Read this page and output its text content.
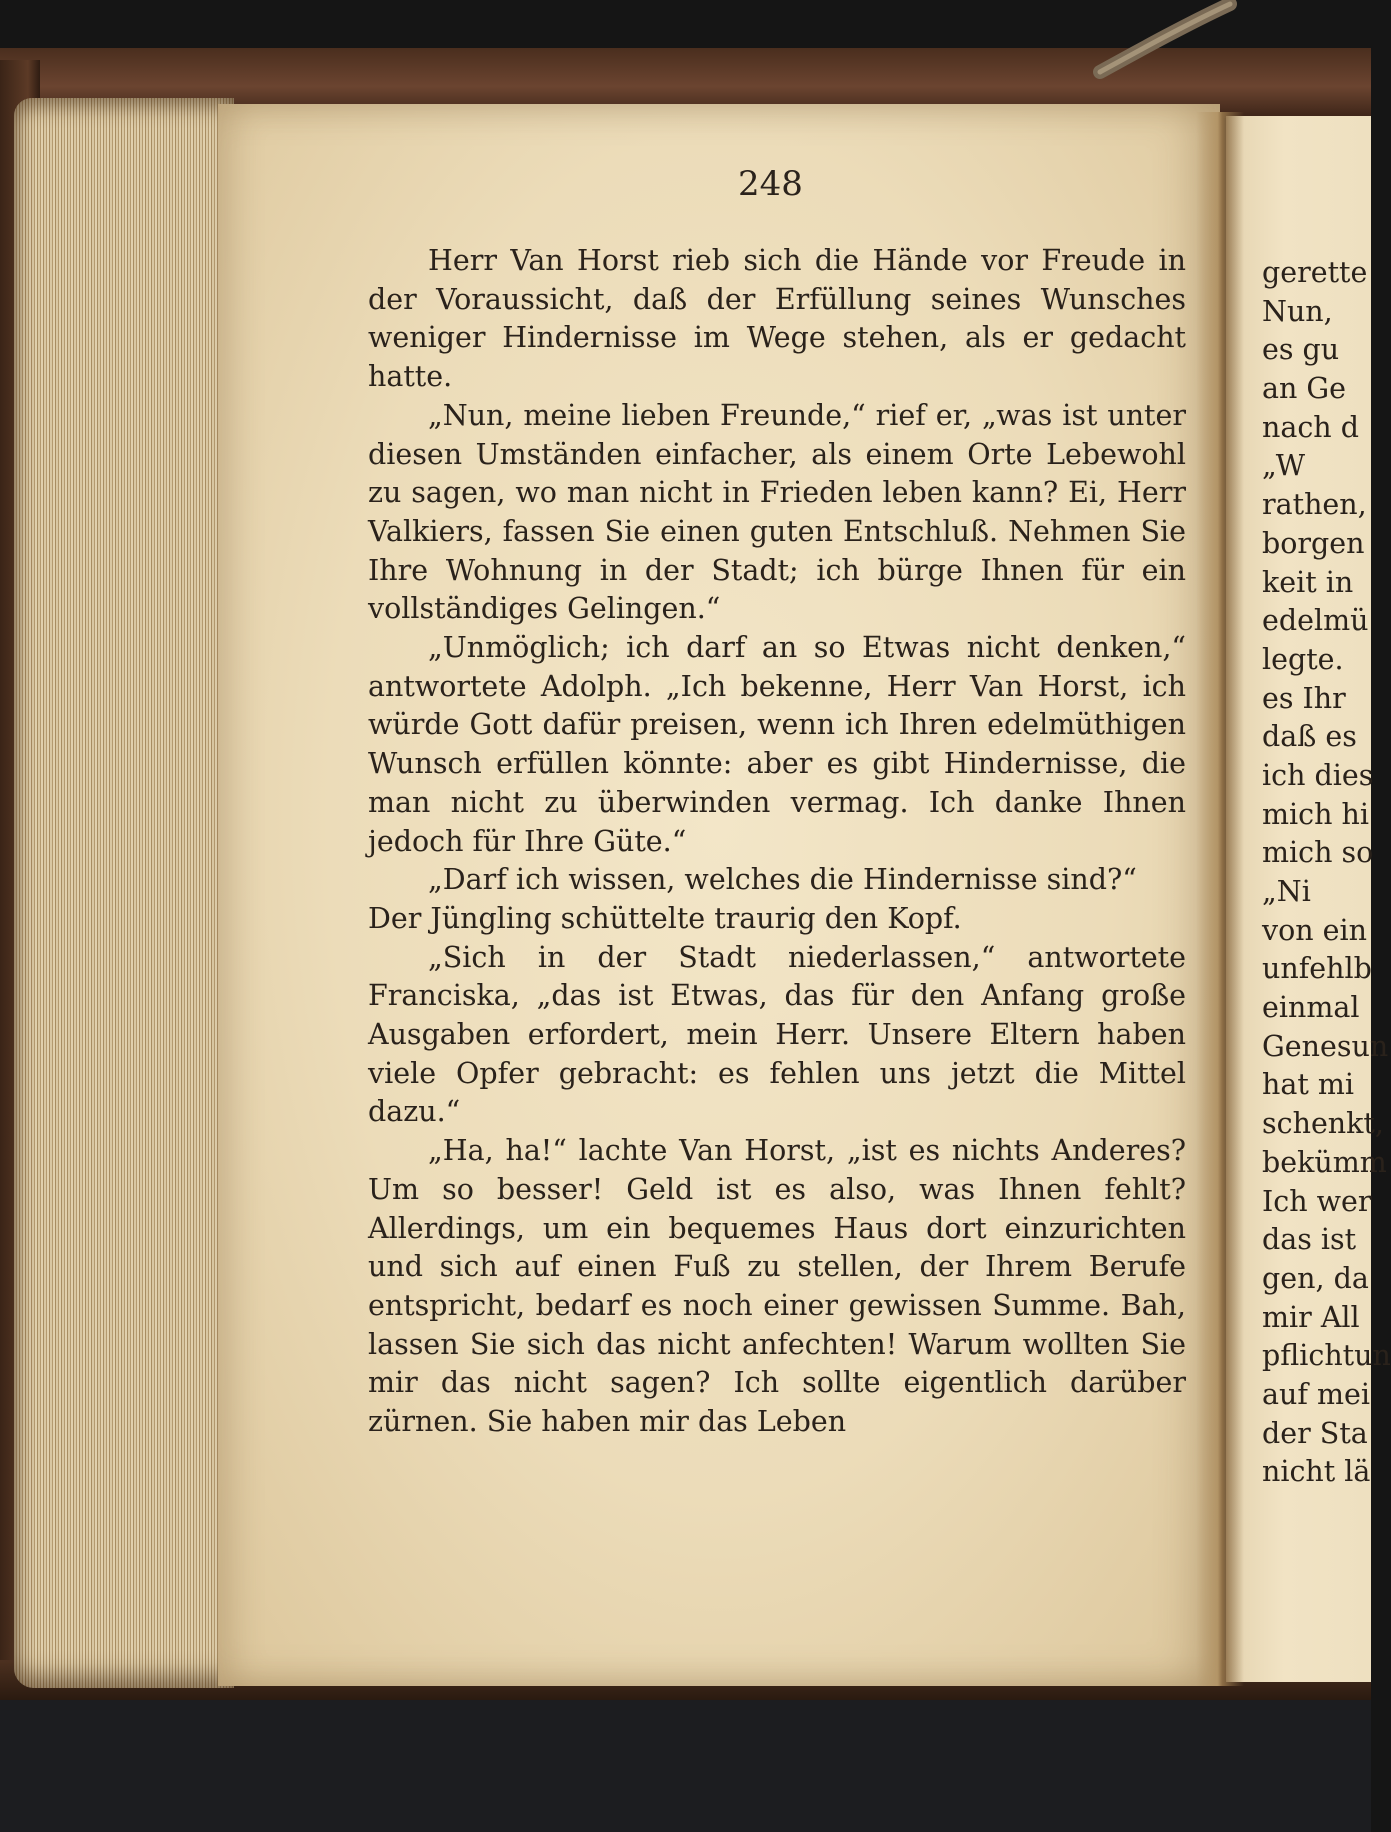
248

Herr Van Horst rieb sich die Hände vor Freude in der Voraussicht, daß der Erfüllung seines Wunsches weniger Hindernisse im Wege stehen, als er gedacht hatte.

„Nun, meine lieben Freunde,“ rief er, „was ist unter diesen Umständen einfacher, als einem Orte Lebewohl zu sagen, wo man nicht in Frieden leben kann? Ei, Herr Valkiers, fassen Sie einen guten Entschluß. Nehmen Sie Ihre Wohnung in der Stadt; ich bürge Ihnen für ein vollständiges Gelingen.“

„Unmöglich; ich darf an so Etwas nicht denken,“ antwortete Adolph. „Ich bekenne, Herr Van Horst, ich würde Gott dafür preisen, wenn ich Ihren edelmüthigen Wunsch erfüllen könnte: aber es gibt Hindernisse, die man nicht zu überwinden vermag. Ich danke Ihnen jedoch für Ihre Güte.“

„Darf ich wissen, welches die Hindernisse sind?“

Der Jüngling schüttelte traurig den Kopf.

„Sich in der Stadt niederlassen,“ antwortete Franciska, „das ist Etwas, das für den Anfang große Ausgaben erfordert, mein Herr. Unsere Eltern haben viele Opfer gebracht: es fehlen uns jetzt die Mittel dazu.“

„Ha, ha!“ lachte Van Horst, „ist es nichts Anderes? Um so besser! Geld ist es also, was Ihnen fehlt? Allerdings, um ein bequemes Haus dort einzurichten und sich auf einen Fuß zu stellen, der Ihrem Berufe entspricht, bedarf es noch einer gewissen Summe. Bah, lassen Sie sich das nicht anfechten! Warum wollten Sie mir das nicht sagen? Ich sollte eigentlich darüber zürnen. Sie haben mir das Leben

gerette
Nun,
es gu
an Ge
nach d
„W
rathen,
borgen
keit in
edelmü
legte.
es Ihr
daß es
ich dies
mich hi
mich so
„Ni
von ein
unfehlb
einmal
Genesun
hat mi
schenkt,
bekümm
Ich wer
das ist
gen, da
mir All
pflichtun
auf mei
der Sta
nicht lä
